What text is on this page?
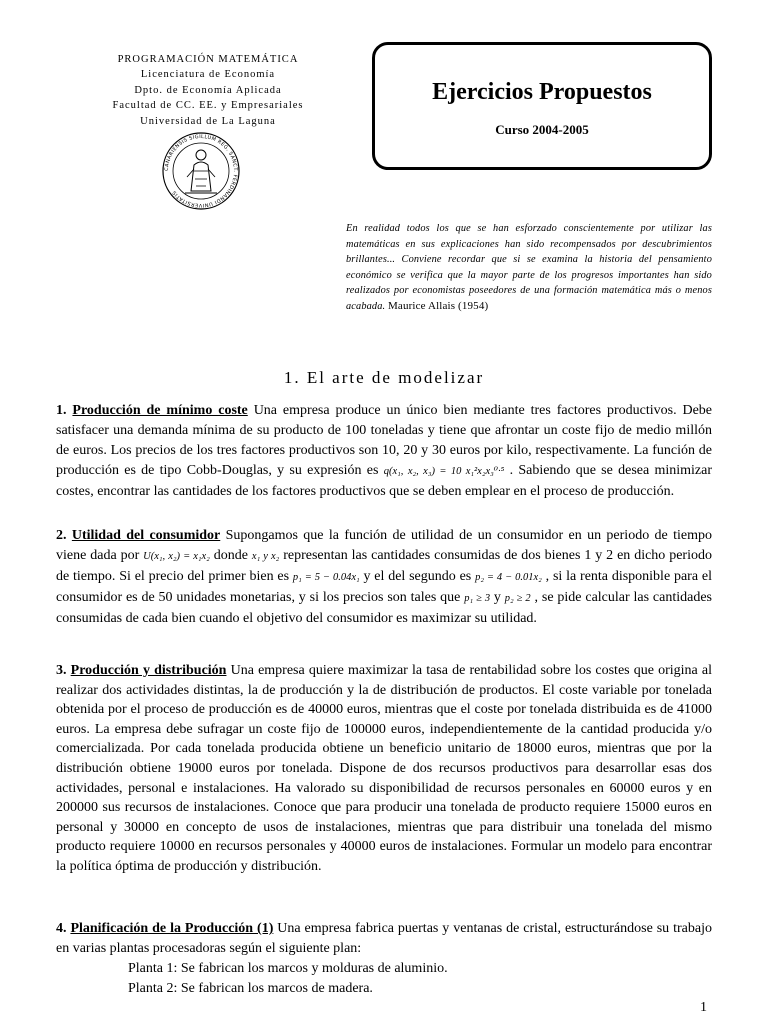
PROGRAMACIÓN MATEMÁTICA
Licenciatura de Economía
Dpto. de Economía Aplicada
Facultad de CC. EE. y Empresariales
Universidad de La Laguna
CANARIENSIS SIGILLUM REG. SANCT. FERDINANDI UNIVERSITATIS
Ejercicios Propuestos
Curso 2004-2005
En realidad todos los que se han esforzado conscientemente por utilizar las matemáticas en sus explicaciones han sido recompensados por descubrimientos brillantes... Conviene recordar que si se examina la historia del pensamiento económico se verifica que la mayor parte de los progresos importantes han sido realizados por economistas poseedores de una formación matemática más o menos acabada. Maurice Allais (1954)
1. El arte de modelizar
1. Producción de mínimo coste Una empresa produce un único bien mediante tres factores productivos. Debe satisfacer una demanda mínima de su producto de 100 toneladas y tiene que afrontar un coste fijo de medio millón de euros. Los precios de los tres factores productivos son 10, 20 y 30 euros por kilo, respectivamente. La función de producción es de tipo Cobb-Douglas, y su expresión es q(x₁, x₂, x₃) = 10 x₁²x₂x₃⁰·⁵ . Sabiendo que se desea minimizar costes, encontrar las cantidades de los factores productivos que se deben emplear en el proceso de producción.
2. Utilidad del consumidor Supongamos que la función de utilidad de un consumidor en un periodo de tiempo viene dada por U(x₁, x₂) = x₁x₂ donde x₁ y x₂ representan las cantidades consumidas de dos bienes 1 y 2 en dicho periodo de tiempo. Si el precio del primer bien es p₁ = 5 − 0.04x₁ y el del segundo es p₂ = 4 − 0.01x₂ , si la renta disponible para el consumidor es de 50 unidades monetarias, y si los precios son tales que p₁ ≥ 3 y p₂ ≥ 2 , se pide calcular las cantidades consumidas de cada bien cuando el objetivo del consumidor es maximizar su utilidad.
3. Producción y distribución Una empresa quiere maximizar la tasa de rentabilidad sobre los costes que origina al realizar dos actividades distintas, la de producción y la de distribución de productos. El coste variable por tonelada obtenida por el proceso de producción es de 40000 euros, mientras que el coste por tonelada distribuida es de 41000 euros. La empresa debe sufragar un coste fijo de 100000 euros, independientemente de la cantidad producida y/o comercializada. Por cada tonelada producida obtiene un beneficio unitario de 18000 euros, mientras que por la distribución obtiene 19000 euros por tonelada. Dispone de dos recursos productivos para desarrollar esas dos actividades, personal e instalaciones. Ha valorado su disponibilidad de recursos personales en 60000 euros y en 200000 sus recursos de instalaciones. Conoce que para producir una tonelada de producto requiere 15000 euros en personal y 30000 en concepto de usos de instalaciones, mientras que para distribuir una tonelada del mismo producto requiere 10000 en recursos personales y 40000 euros de instalaciones. Formular un modelo para encontrar la política óptima de producción y distribución.
4. Planificación de la Producción (1) Una empresa fabrica puertas y ventanas de cristal, estructurándose su trabajo en varias plantas procesadoras según el siguiente plan:
Planta 1: Se fabrican los marcos y molduras de aluminio.
Planta 2: Se fabrican los marcos de madera.
1
